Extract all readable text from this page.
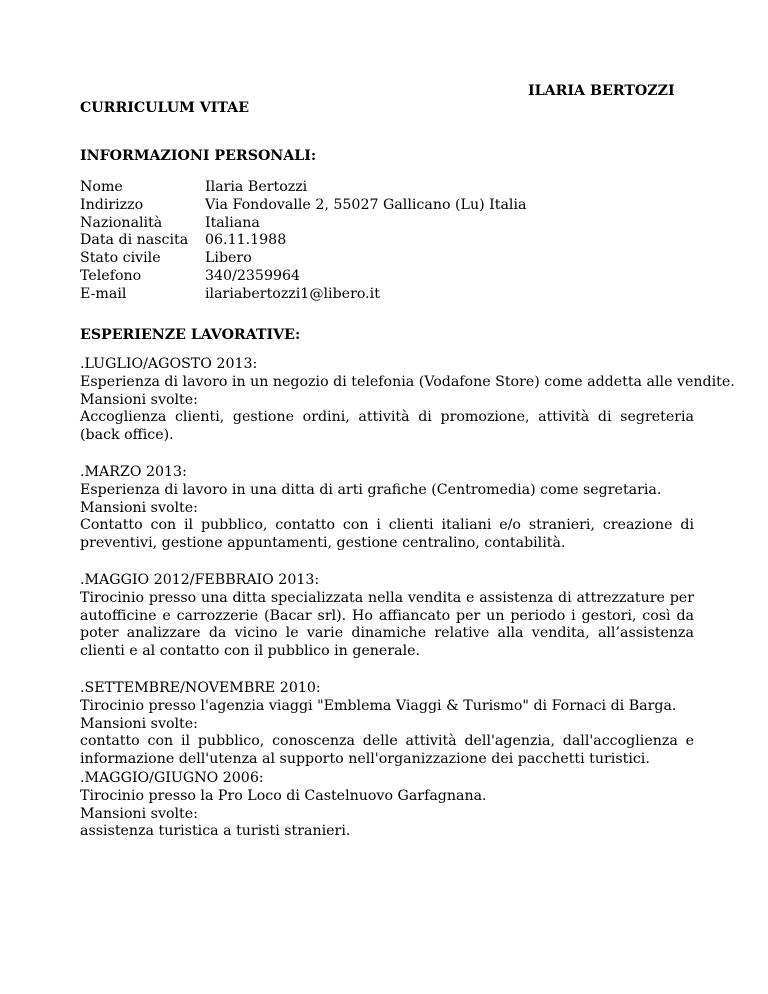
ILARIA BERTOZZI
CURRICULUM VITAE
INFORMAZIONI PERSONALI:
Nome	Ilaria Bertozzi
Indirizzo	Via Fondovalle 2, 55027 Gallicano (Lu) Italia
Nazionalità	Italiana
Data di nascita 06.11.1988
Stato civile	Libero
Telefono	340/2359964
E-mail	ilariabertozzi1@libero.it
ESPERIENZE LAVORATIVE:
.LUGLIO/AGOSTO 2013:
Esperienza di lavoro in un negozio di telefonia (Vodafone Store) come addetta alle vendite.
Mansioni svolte:
Accoglienza clienti, gestione ordini, attività di promozione, attività di segreteria (back office).
.MARZO 2013:
Esperienza di lavoro in una ditta di arti grafiche (Centromedia) come segretaria.
Mansioni svolte:
Contatto con il pubblico, contatto con i clienti italiani e/o stranieri, creazione di preventivi, gestione appuntamenti, gestione centralino, contabilità.
.MAGGIO 2012/FEBBRAIO 2013:
Tirocinio presso una ditta specializzata nella vendita e assistenza di attrezzature per autofficine e carrozzerie (Bacar srl). Ho affiancato per un periodo i gestori, così da poter analizzare da vicino le varie dinamiche relative alla vendita, all’assistenza clienti e al contatto con il pubblico in generale.
.SETTEMBRE/NOVEMBRE 2010:
Tirocinio presso l'agenzia viaggi "Emblema Viaggi & Turismo" di Fornaci di Barga.
Mansioni svolte:
contatto con il pubblico, conoscenza delle attività dell'agenzia, dall'accoglienza e informazione dell'utenza al supporto nell'organizzazione dei pacchetti turistici.
.MAGGIO/GIUGNO 2006:
Tirocinio presso la Pro Loco di Castelnuovo Garfagnana.
Mansioni svolte:
assistenza turistica a turisti stranieri.
